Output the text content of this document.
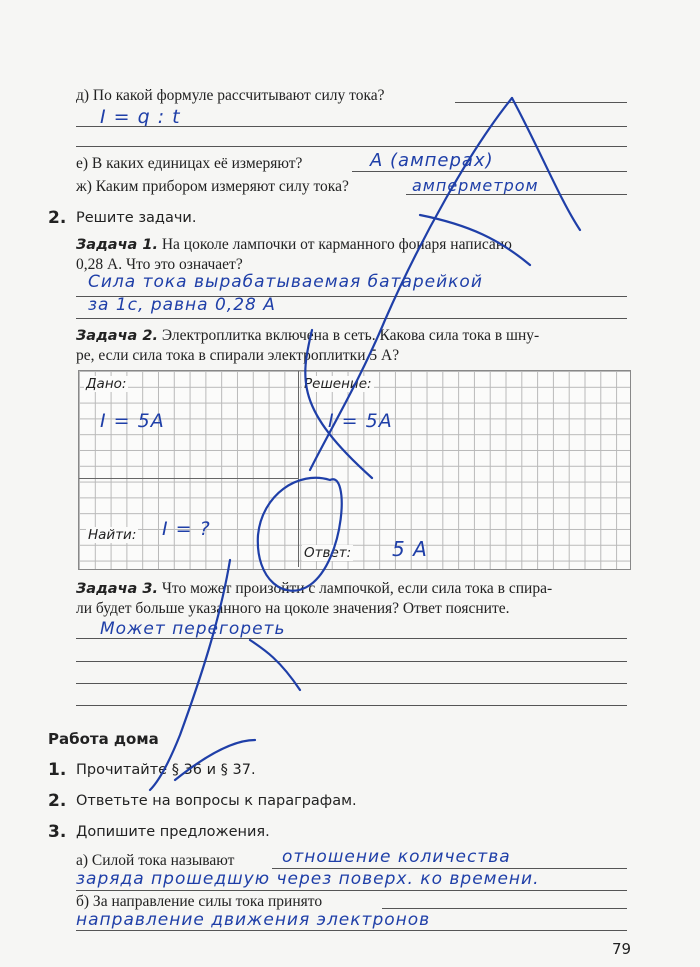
д) По какой формуле рассчитывают силу тока?
I = q : t
е) В каких единицах её измеряют?	А (амперах)
ж) Каким прибором измеряют силу тока?	амперметром
2. Решите задачи.
Задача 1. На цоколе лампочки от карманного фонаря написано
0,28 А. Что это означает?
Сила тока вырабатываемая батарейкой
за 1с, равна 0,28 А
Задача 2. Электроплитка включена в сеть. Какова сила тока в шну-
ре, если сила тока в спирали электроплитки 5 А?
Дано:
I = 5А
Решение:
I = 5А
Найти: I = ?
Ответ: 5 А
Задача 3. Что может произойти с лампочкой, если сила тока в спира-
ли будет больше указанного на цоколе значения? Ответ поясните.
Может перегореть
Работа дома
1. Прочитайте § 36 и § 37.
2. Ответьте на вопросы к параграфам.
3. Допишите предложения.
а) Силой тока называют	отношение количества
заряда прошедшую через поверх. ко времени.
б) За направление силы тока принято
направление движения электронов
79
